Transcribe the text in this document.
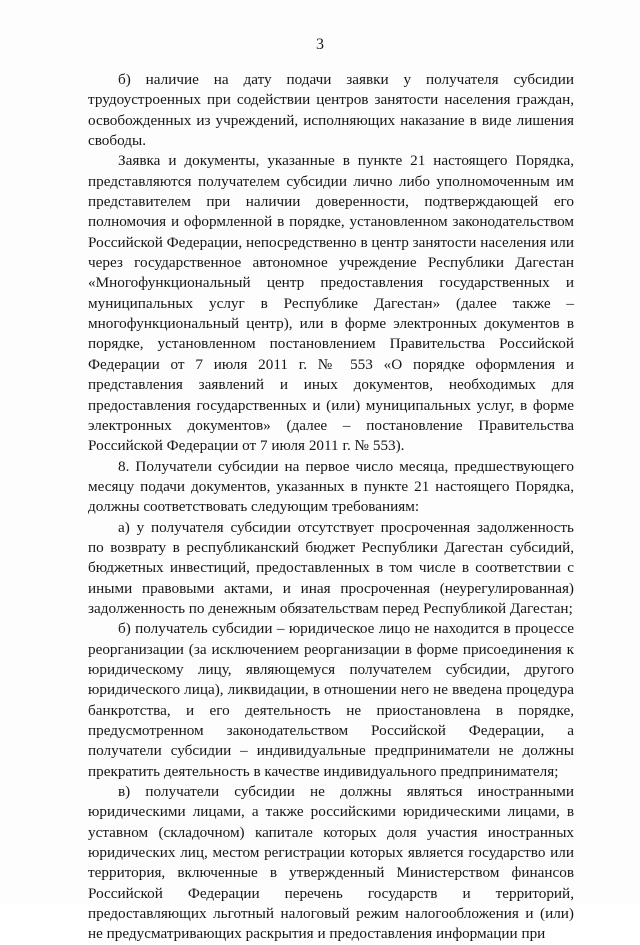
3

б) наличие на дату подачи заявки у получателя субсидии трудоустроенных при содействии центров занятости населения граждан, освобожденных из учреждений, исполняющих наказание в виде лишения свободы.

Заявка и документы, указанные в пункте 21 настоящего Порядка, представляются получателем субсидии лично либо уполномоченным им представителем при наличии доверенности, подтверждающей его полномочия и оформленной в порядке, установленном законодательством Российской Федерации, непосредственно в центр занятости населения или через государственное автономное учреждение Республики Дагестан «Многофункциональный центр предоставления государственных и муниципальных услуг в Республике Дагестан» (далее также – многофункциональный центр), или в форме электронных документов в порядке, установленном постановлением Правительства Российской Федерации от 7 июля 2011 г. № 553 «О порядке оформления и представления заявлений и иных документов, необходимых для предоставления государственных и (или) муниципальных услуг, в форме электронных документов» (далее – постановление Правительства Российской Федерации от 7 июля 2011 г. № 553).

8. Получатели субсидии на первое число месяца, предшествующего месяцу подачи документов, указанных в пункте 21 настоящего Порядка, должны соответствовать следующим требованиям:

а) у получателя субсидии отсутствует просроченная задолженность по возврату в республиканский бюджет Республики Дагестан субсидий, бюджетных инвестиций, предоставленных в том числе в соответствии с иными правовыми актами, и иная просроченная (неурегулированная) задолженность по денежным обязательствам перед Республикой Дагестан;

б) получатель субсидии – юридическое лицо не находится в процессе реорганизации (за исключением реорганизации в форме присоединения к юридическому лицу, являющемуся получателем субсидии, другого юридического лица), ликвидации, в отношении него не введена процедура банкротства, и его деятельность не приостановлена в порядке, предусмотренном законодательством Российской Федерации, а получатели субсидии – индивидуальные предприниматели не должны прекратить деятельность в качестве индивидуального предпринимателя;

в) получатели субсидии не должны являться иностранными юридическими лицами, а также российскими юридическими лицами, в уставном (складочном) капитале которых доля участия иностранных юридических лиц, местом регистрации которых является государство или территория, включенные в утвержденный Министерством финансов Российской Федерации перечень государств и территорий, предоставляющих льготный налоговый режим налогообложения и (или) не предусматривающих раскрытия и предоставления информации при
